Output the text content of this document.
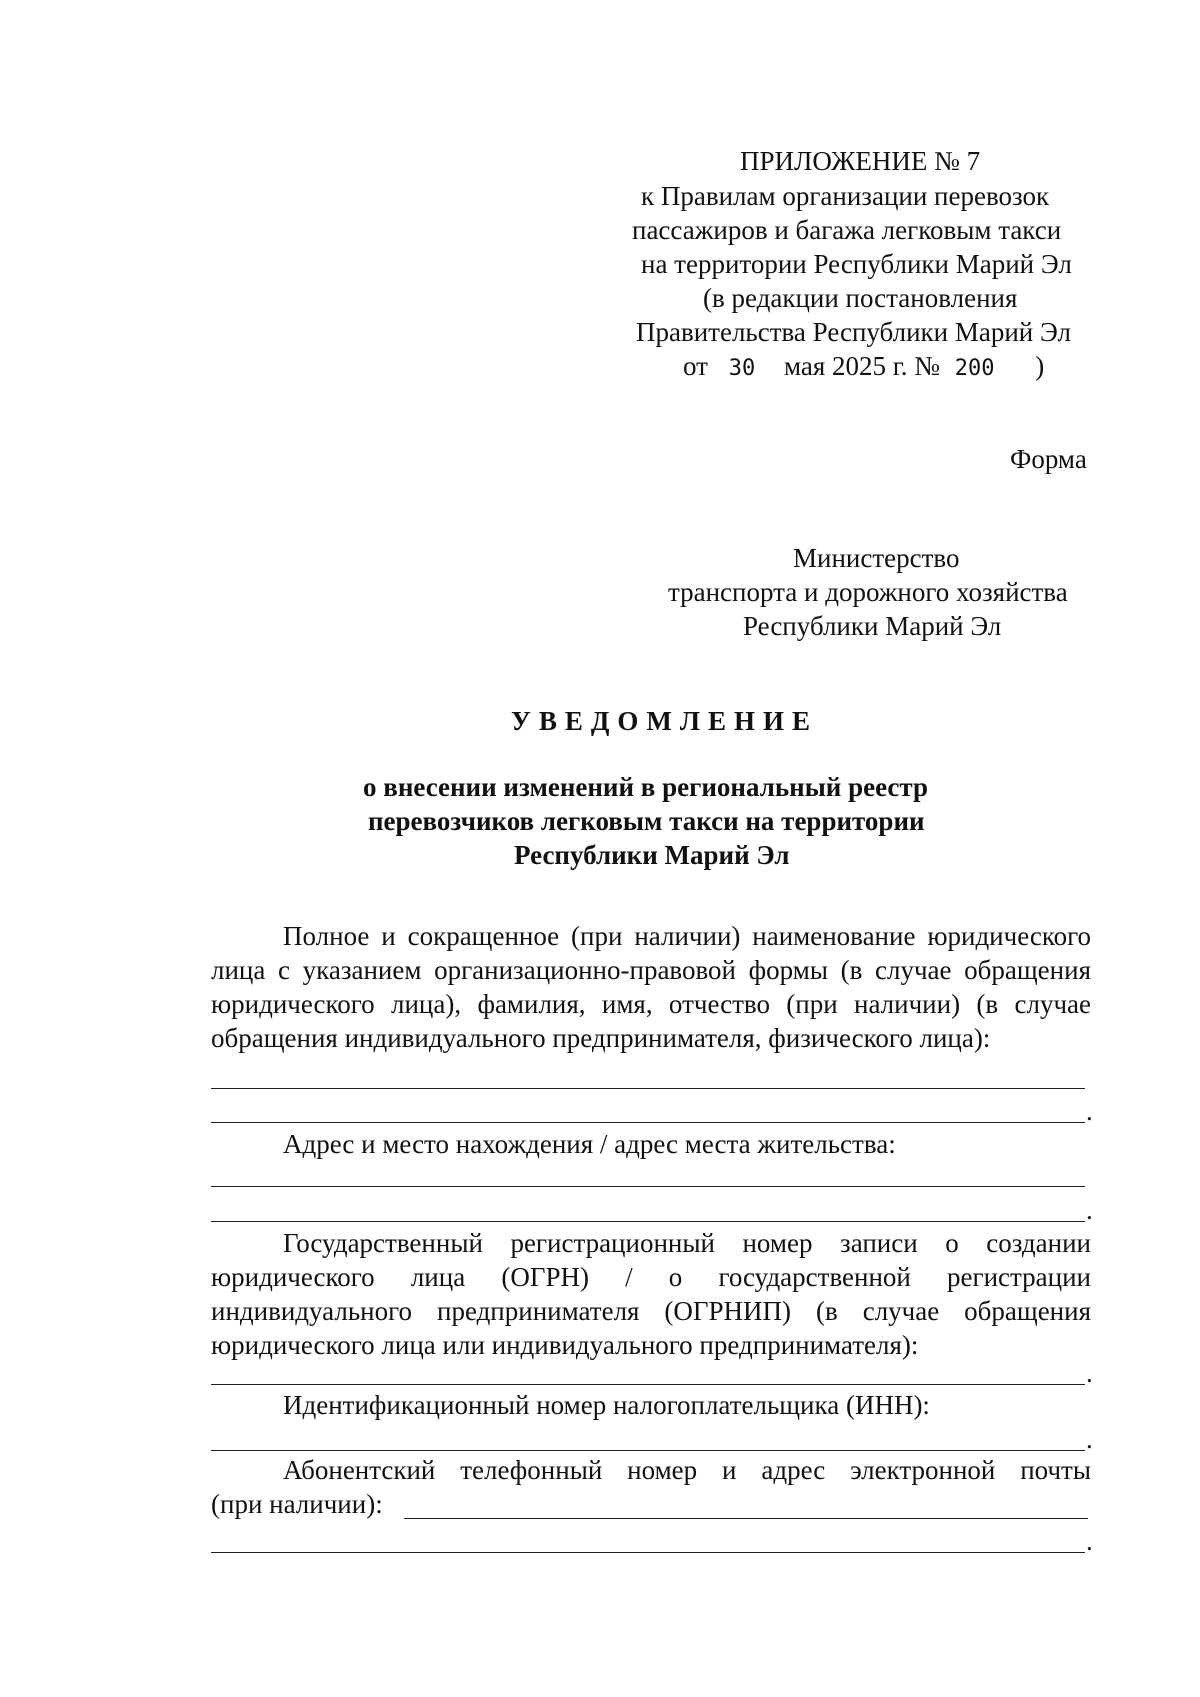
ПРИЛОЖЕНИЕ № 7
к Правилам организации перевозок
пассажиров и багажа легковым такси
на территории Республики Марий Эл
(в редакции постановления
Правительства Республики Марий Эл
от 30 мая 2025 г. № 200 )
Форма
Министерство
транспорта и дорожного хозяйства
Республики Марий Эл
УВЕДОМЛЕНИЕ
о внесении изменений в региональный реестр
перевозчиков легковым такси на территории
Республики Марий Эл
Полное и сокращенное (при наличии) наименование юридического
лица с указанием организационно-правовой формы (в случае обращения
юридического лица), фамилия, имя, отчество (при наличии) (в случае
обращения индивидуального предпринимателя, физического лица):
.
Адрес и место нахождения / адрес места жительства:
.
Государственный регистрационный номер записи о создании
юридического лица (ОГРН) / о государственной регистрации
индивидуального предпринимателя (ОГРНИП) (в случае обращения
юридического лица или индивидуального предпринимателя):
.
Идентификационный номер налогоплательщика (ИНН):
.
Абонентский телефонный номер и адрес электронной почты
(при наличии):
.
